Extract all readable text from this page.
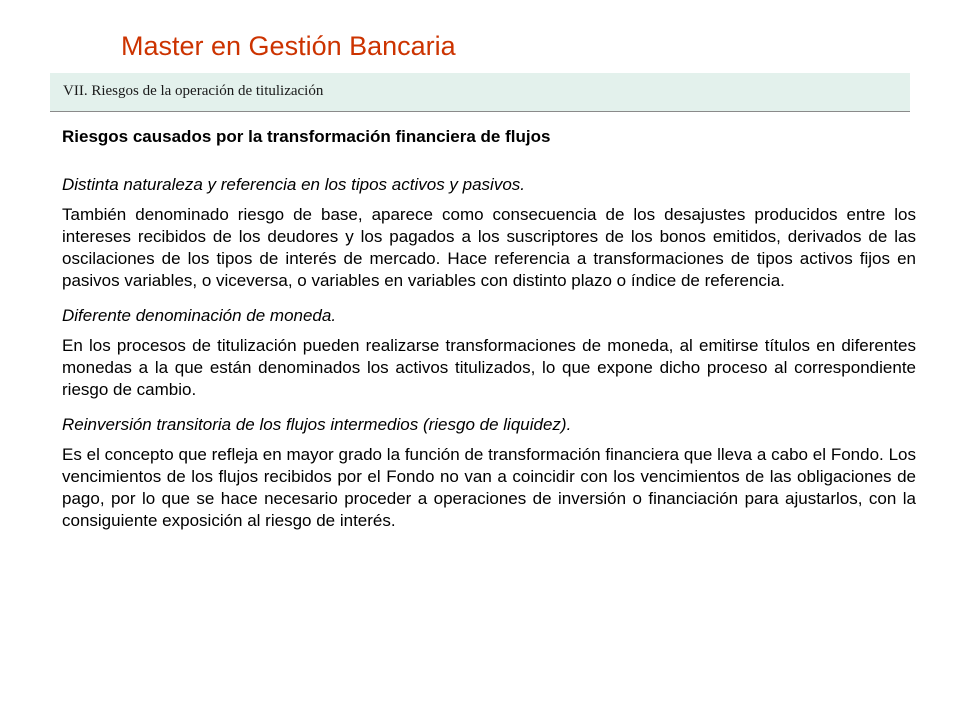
Master en Gestión Bancaria
VII. Riesgos de la operación de titulización
Riesgos causados por la transformación financiera de flujos
Distinta naturaleza y referencia en los tipos activos y pasivos.
También denominado riesgo de base, aparece como consecuencia de los desajustes producidos entre los intereses recibidos de los deudores y los pagados a los suscriptores de los bonos emitidos, derivados de las oscilaciones de los tipos de interés de mercado. Hace referencia a transformaciones de tipos activos fijos en pasivos variables, o viceversa, o variables en variables con distinto plazo o índice de referencia.
Diferente denominación de moneda.
En los procesos de titulización pueden realizarse transformaciones de moneda, al emitirse títulos en diferentes monedas a la que están denominados los activos titulizados, lo que expone dicho proceso al correspondiente riesgo de cambio.
Reinversión transitoria de los flujos intermedios (riesgo de liquidez).
Es el concepto que refleja en mayor grado la función de transformación financiera que lleva a cabo el Fondo. Los vencimientos de los flujos recibidos por el Fondo no van a coincidir con los vencimientos de las obligaciones de pago, por lo que se hace necesario proceder a operaciones de inversión o financiación para ajustarlos, con la consiguiente exposición al riesgo de interés.
